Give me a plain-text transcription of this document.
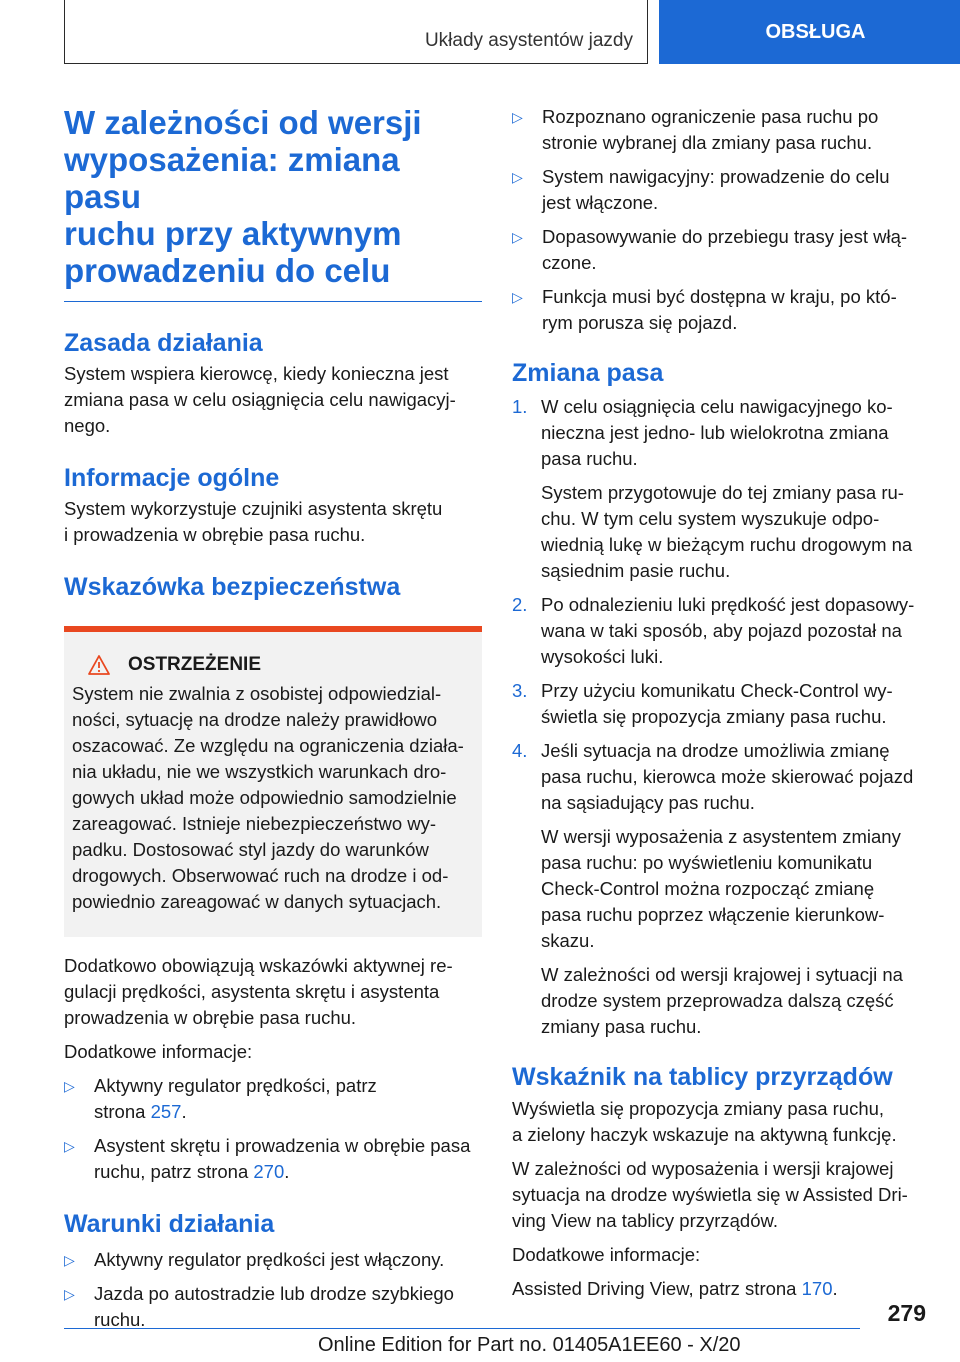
Układy asystentów jazdy	OBSŁUGA
W zależności od wersji
wyposażenia: zmiana pasu
ruchu przy aktywnym
prowadzeniu do celu
Zasada działania

System wspiera kierowcę, kiedy konieczna jest
zmiana pasa w celu osiągnięcia celu nawigacyj‐
nego.

Informacje ogólne

System wykorzystuje czujniki asystenta skrętu
i prowadzenia w obrębie pasa ruchu.

Wskazówka bezpieczeństwa
OSTRZEŻENIE

System nie zwalnia z osobistej odpowiedzial‐
ności, sytuację na drodze należy prawidłowo
oszacować. Ze względu na ograniczenia działa‐
nia układu, nie we wszystkich warunkach dro‐
gowych układ może odpowiednio samodzielnie
zareagować. Istnieje niebezpieczeństwo wy‐
padku. Dostosować styl jazdy do warunków
drogowych. Obserwować ruch na drodze i od‐
powiednio zareagować w danych sytuacjach.

Dodatkowo obowiązują wskazówki aktywnej re‐
gulacji prędkości, asystenta skrętu i asystenta
prowadzenia w obrębie pasa ruchu.

Dodatkowe informacje:

▷ Aktywny regulator prędkości, patrz
strona 257.
▷ Asystent skrętu i prowadzenia w obrębie pasa
ruchu, patrz strona 270.
Warunki działania
▷ Aktywny regulator prędkości jest włączony.
▷ Jazda po autostradzie lub drodze szybkiego
ruchu.
▷ Rozpoznano ograniczenie pasa ruchu po
stronie wybranej dla zmiany pasa ruchu.
▷ System nawigacyjny: prowadzenie do celu
jest włączone.
▷ Dopasowywanie do przebiegu trasy jest włą‐
czone.
▷ Funkcja musi być dostępna w kraju, po któ‐
rym porusza się pojazd.
Zmiana pasa
1. W celu osiągnięcia celu nawigacyjnego ko‐
nieczna jest jedno- lub wielokrotna zmiana
pasa ruchu.
System przygotowuje do tej zmiany pasa ru‐
chu. W tym celu system wyszukuje odpo‐
wiednią lukę w bieżącym ruchu drogowym na
sąsiednim pasie ruchu.
2. Po odnalezieniu luki prędkość jest dopasowy‐
wana w taki sposób, aby pojazd pozostał na
wysokości luki.
3. Przy użyciu komunikatu Check-Control wy‐
świetla się propozycja zmiany pasa ruchu.
4. Jeśli sytuacja na drodze umożliwia zmianę
pasa ruchu, kierowca może skierować pojazd
na sąsiadujący pas ruchu.
W wersji wyposażenia z asystentem zmiany
pasa ruchu: po wyświetleniu komunikatu
Check-Control można rozpocząć zmianę
pasa ruchu poprzez włączenie kierunkow‐
skazu.
W zależności od wersji krajowej i sytuacji na
drodze system przeprowadza dalszą część
zmiany pasa ruchu.
Wskaźnik na tablicy przyrządów

Wyświetla się propozycja zmiany pasa ruchu,
a zielony haczyk wskazuje na aktywną funkcję.

W zależności od wyposażenia i wersji krajowej
sytuacja na drodze wyświetla się w Assisted Dri‐
ving View na tablicy przyrządów.

Dodatkowe informacje:

Assisted Driving View, patrz strona 170.

279
Online Edition for Part no. 01405A1EE60 - X/20
